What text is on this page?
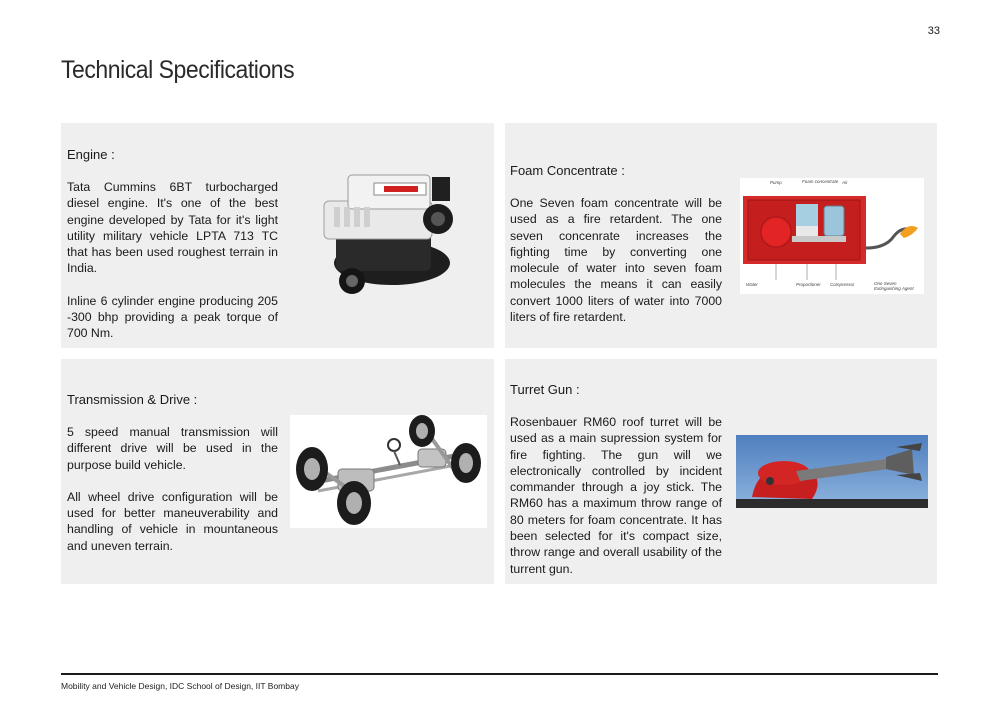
33
Technical Specifications
Engine :

Tata Cummins 6BT turbocharged diesel engine. It's one of the best engine developed by Tata for it's light utility military vehicle LPTA 713 TC that has been used roughest terrain in India.

Inline 6 cylinder engine producing 205 -300 bhp providing a peak torque of 700 Nm.

Foam Concentrate :

One Seven foam concentrate will be used as a fire retardent. The one seven concenrate increases the fighting time by converting one molecule of water into seven foam molecules the means it can easily convert 1000 liters of water into 7000 liters of fire retardent.

Pump	Foam concentrate Air
Water	Proportioner Compressor	One Seven Extinguishing Agent
Transmission & Drive :

5 speed manual transmission will different drive will be used in the purpose build vehicle.

All wheel drive configuration will be used for better maneuverability and handling of vehicle in mountaneous and uneven terrain.

Turret Gun :

Rosenbauer RM60 roof turret will be used as a main supression system for fire fighting. The gun will we electronically controlled by incident commander through a joy stick. The RM60 has a maximum throw range of 80 meters for foam concentrate. It has been selected for it's compact size, throw range and overall usability of the turrent gun.

Mobility and Vehicle Design, IDC School of Design, IIT Bombay
